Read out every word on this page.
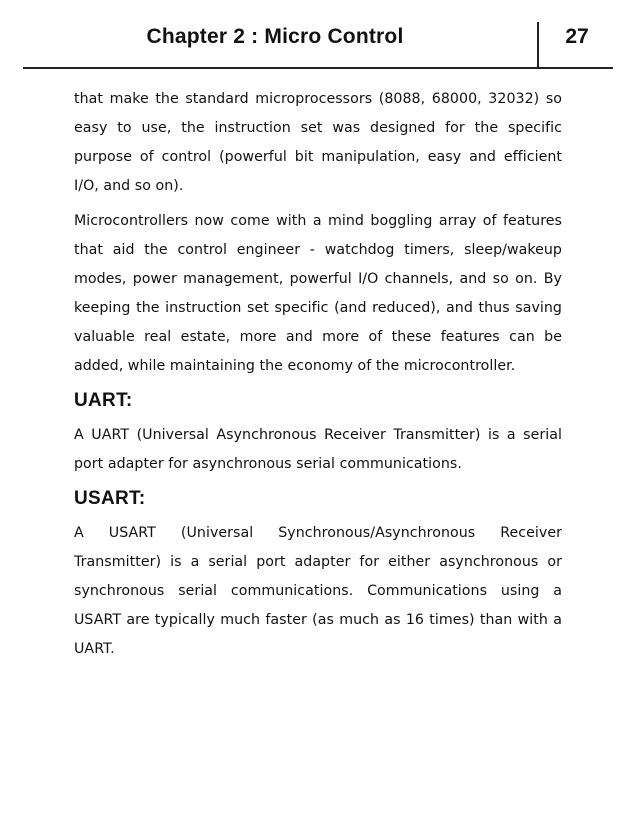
Chapter 2 : Micro Control	27

that make the standard microprocessors (8088, 68000, 32032) so easy to use, the instruction set was designed for the specific purpose of control (powerful bit manipulation, easy and efficient I/O, and so on).

Microcontrollers now come with a mind boggling array of features that aid the control engineer - watchdog timers, sleep/wakeup modes, power management, powerful I/O channels, and so on. By keeping the instruction set specific (and reduced), and thus saving valuable real estate, more and more of these features can be added, while maintaining the economy of the microcontroller.

UART:

A UART (Universal Asynchronous Receiver Transmitter) is a serial port adapter for asynchronous serial communications.

USART:

A USART (Universal Synchronous/Asynchronous Receiver Transmitter) is a serial port adapter for either asynchronous or synchronous serial communications. Communications using a USART are typically much faster (as much as 16 times) than with a UART.
